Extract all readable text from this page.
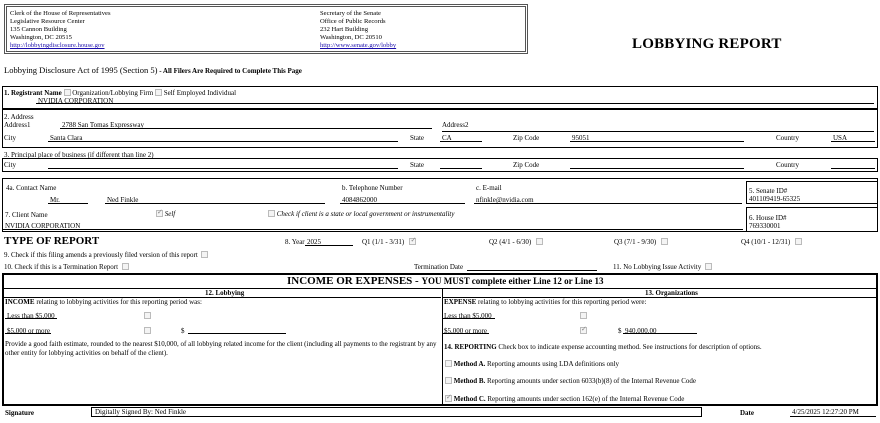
Clerk of the House of Representatives
Legislative Resource Center
135 Cannon Building
Washington, DC 20515
http://lobbyingdisclosure.house.gov
Secretary of the Senate
Office of Public Records
232 Hart Building
Washington, DC 20510
http://www.senate.gov/lobby	LOBBYING REPORT
Lobbying Disclosure Act of 1995 (Section 5) - All Filers Are Required to Complete This Page
1. Registrant Name Organization/Lobbying Firm Self Employed Individual
NVIDIA CORPORATION
2. Address
Address1	2788 San Tomas Expressway	Address2
City	Santa Clara	State	CA	Zip Code	95051	Country	USA
3. Principal place of business (if different than line 2)
City	State	Zip Code	Country
4a. Contact Name
Mr.	Ned Finkle
b. Telephone Number
4084862000
c. E-mail
nfinkle@nvidia.com
5. Senate ID#
401109419-65325
7. Client Name ✓	Self	Check if client is a state or local government or instrumentality
NVIDIA CORPORATION
6. House ID#
769330001
TYPE OF REPORT	8. Year 2025	Q1 (1/1 - 3/31) ✓	Q2 (4/1 - 6/30)	Q3 (7/1 - 9/30)	Q4 (10/1 - 12/31)
9. Check if this filing amends a previously filed version of this report
10. Check if this is a Termination Report	Termination Date	11. No Lobbying Issue Activity
INCOME OR EXPENSES - YOU MUST complete either Line 12 or Line 13
12. Lobbying
INCOME relating to lobbying activities for this reporting period was:
Less than $5,000
$5,000 or more	$
Provide a good faith estimate, rounded to the nearest $10,000, of all lobbying related income for the client (including all payments to the registrant by any other entity for lobbying activities on behalf of the client).
13. Organizations
EXPENSE relating to lobbying activities for this reporting period were:
Less than $5,000
$5,000 or more ✓	$ 940,000.00
14. REPORTING Check box to indicate expense accounting method. See instructions for description of options.
Method A. Reporting amounts using LDA definitions only
Method B. Reporting amounts under section 6033(b)(8) of the Internal Revenue Code
✓ Method C. Reporting amounts under section 162(e) of the Internal Revenue Code
Signature	Digitally Signed By: Ned Finkle	Date	4/25/2025 12:27:20 PM
